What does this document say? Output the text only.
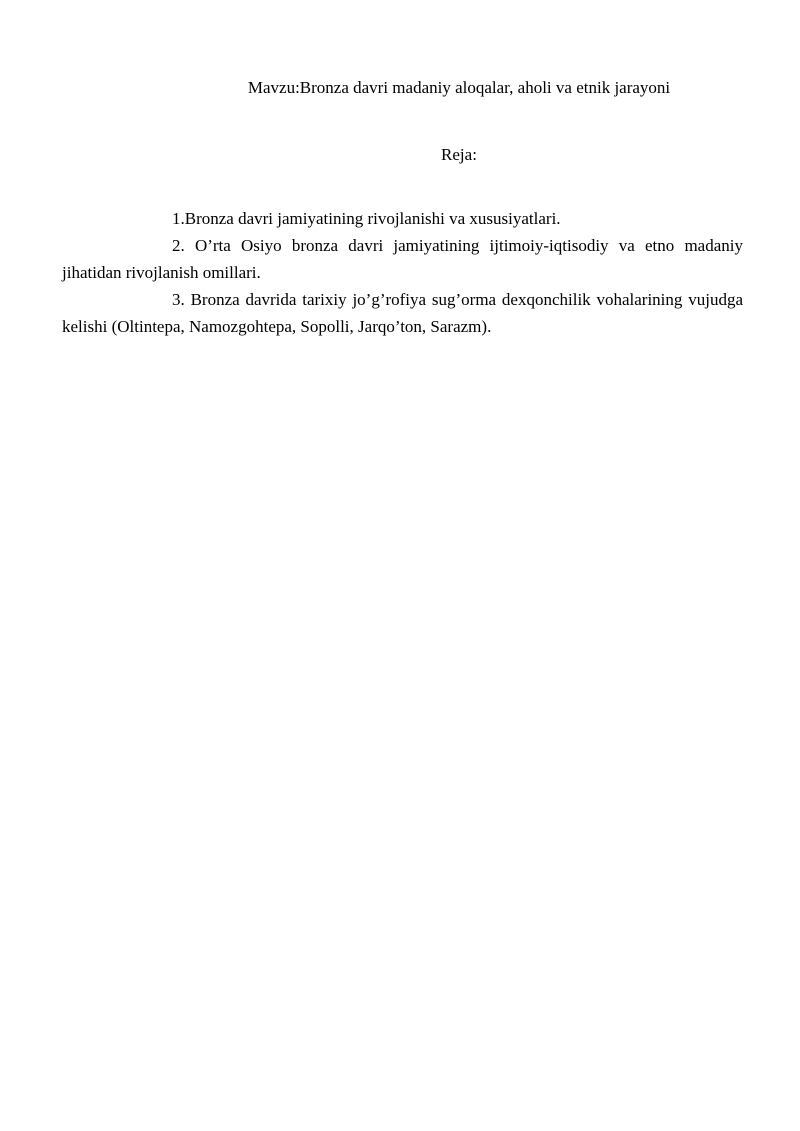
Mavzu:Bronza davri madaniy aloqalar, aholi va etnik jarayoni
Reja:

1.Bronza davri jamiyatining rivojlanishi va xususiyatlari.

2. O’rta Osiyo bronza davri jamiyatining ijtimoiy-iqtisodiy va etno madaniy jihatidan rivojlanish omillari.

3. Bronza davrida tarixiy jo’g’rofiya sug’orma dexqonchilik vohalarining vujudga kelishi (Oltintepa, Namozgohtepa, Sopolli, Jarqo’ton, Sarazm).
